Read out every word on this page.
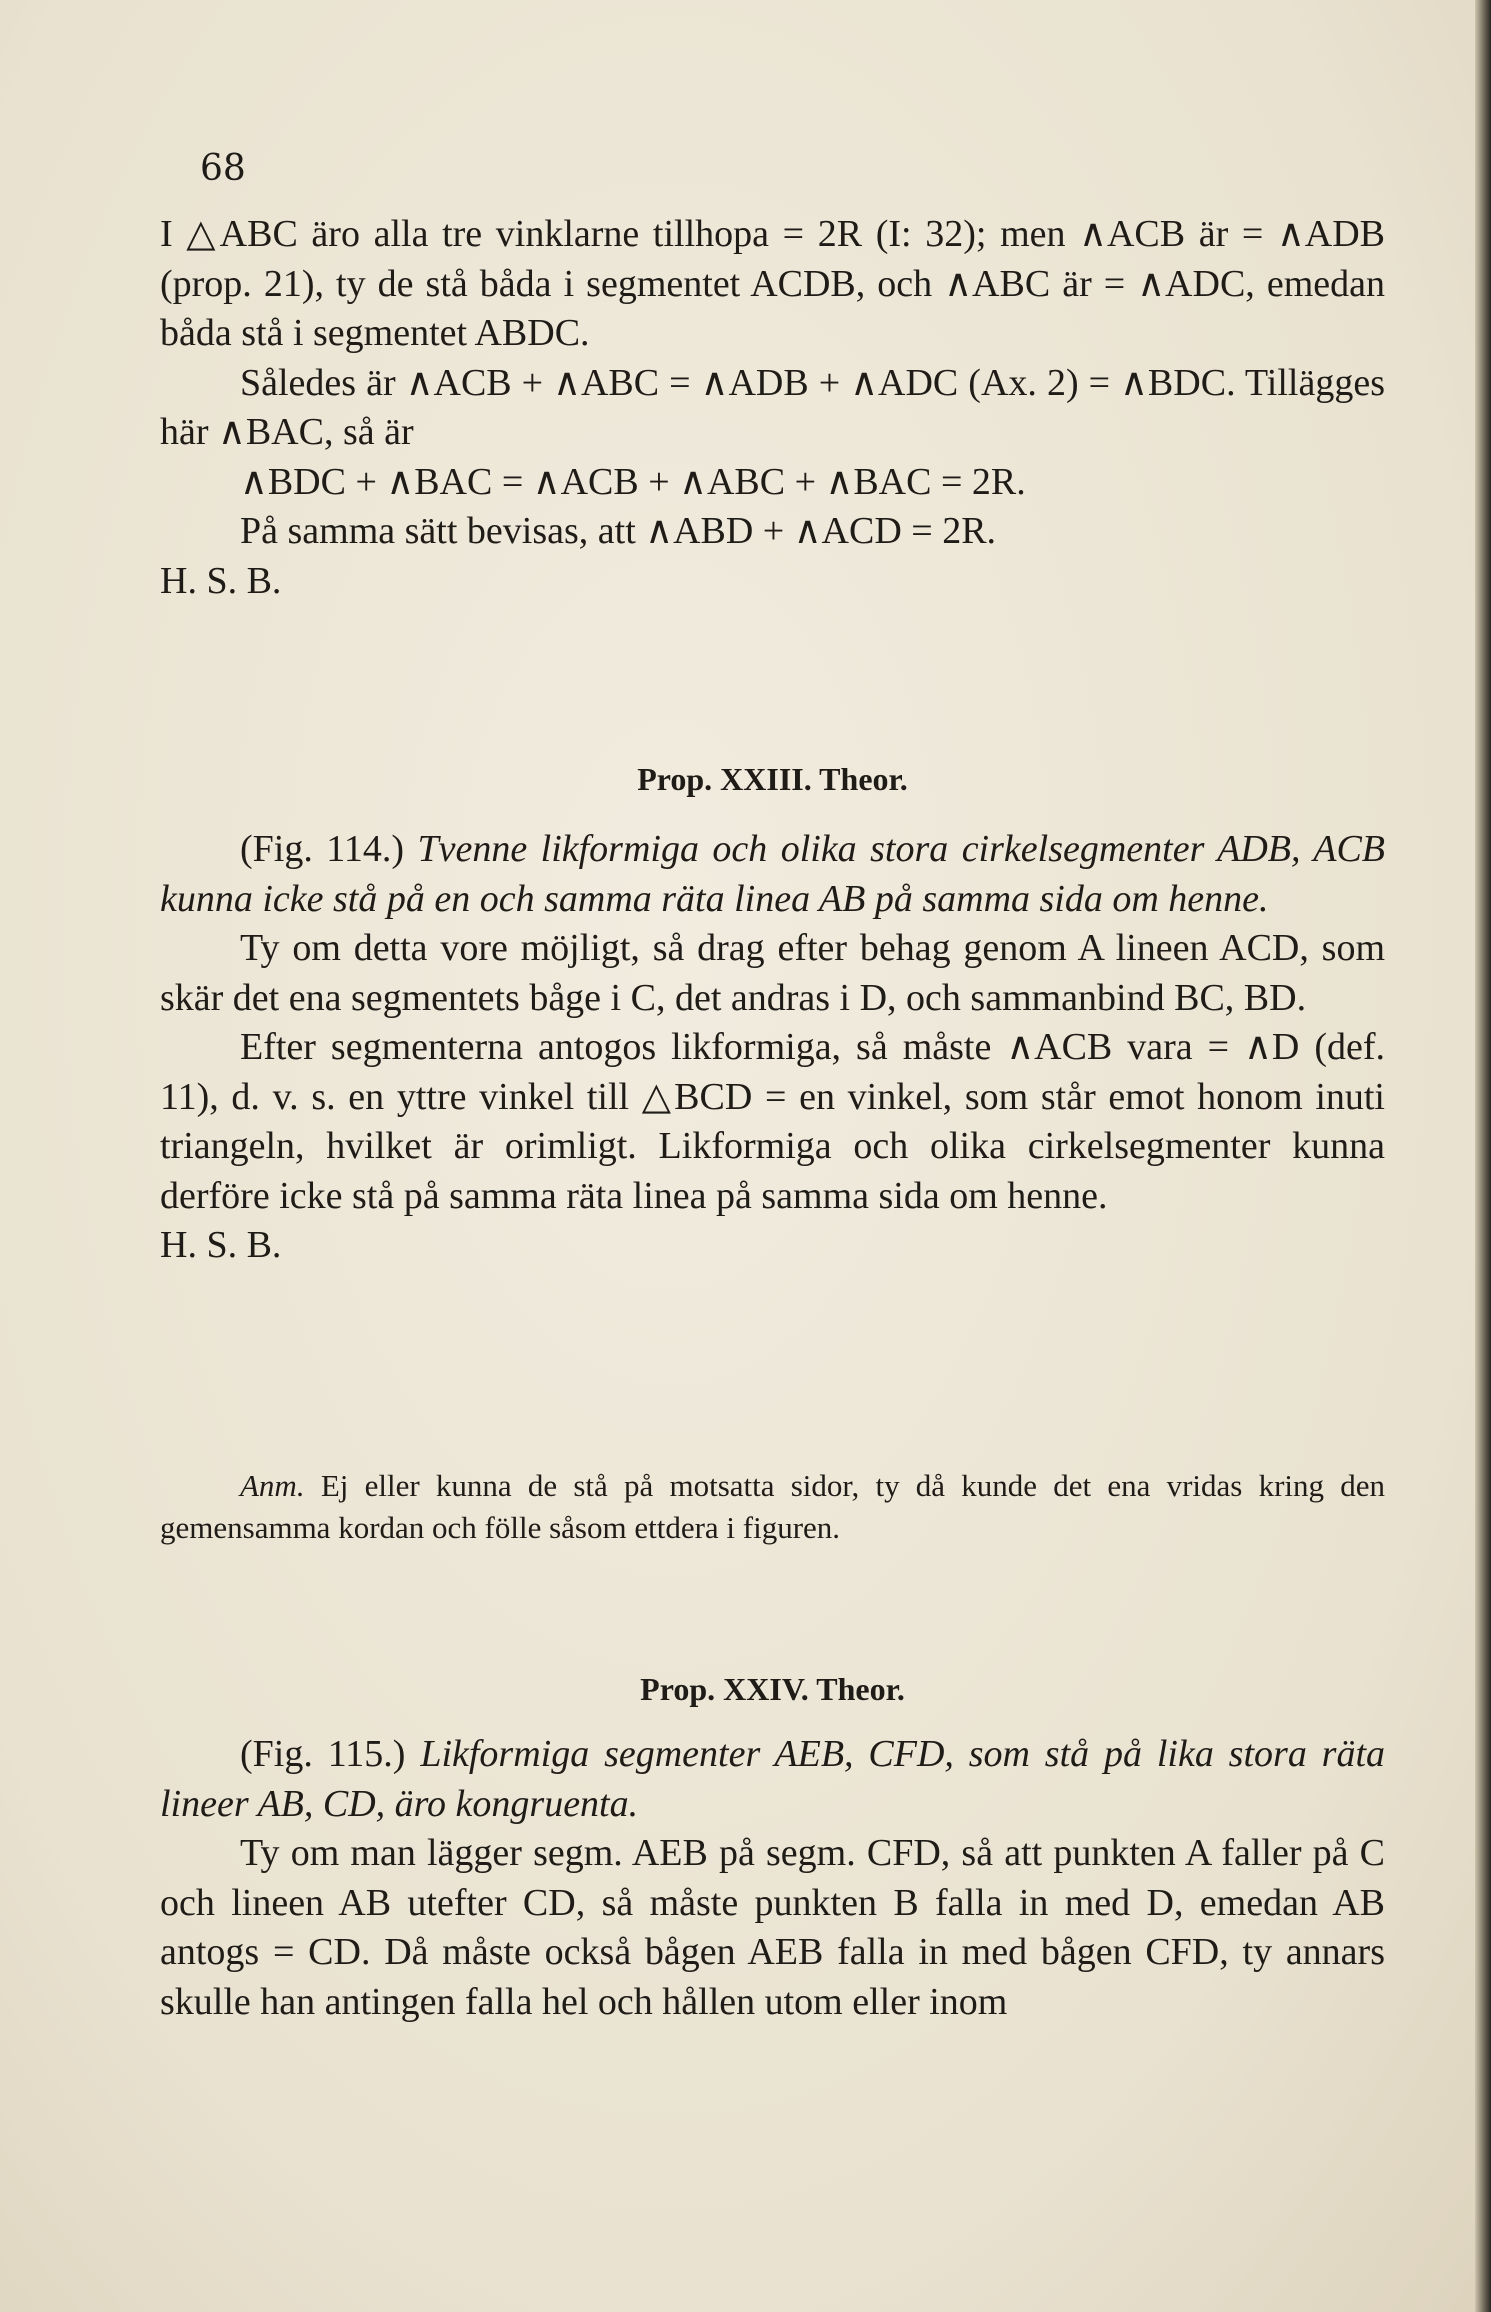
68

I △ABC äro alla tre vinklarne tillhopa = 2R (I: 32); men ∧ACB är = ∧ADB (prop. 21), ty de stå båda i segmentet ACDB, och ∧ABC är = ∧ADC, emedan båda stå i segmentet ABDC.

Således är ∧ACB + ∧ABC = ∧ADB + ∧ADC (Ax. 2) = ∧BDC. Tillägges här ∧BAC, så är

∧BDC + ∧BAC = ∧ACB + ∧ABC + ∧BAC = 2R.

På samma sätt bevisas, att ∧ABD + ∧ACD = 2R.

H. S. B.

Prop. XXIII. Theor.

(Fig. 114.) Tvenne likformiga och olika stora cirkelsegmenter ADB, ACB kunna icke stå på en och samma räta linea AB på samma sida om henne.

Ty om detta vore möjligt, så drag efter behag genom A lineen ACD, som skär det ena segmentets båge i C, det andras i D, och sammanbind BC, BD.

Efter segmenterna antogos likformiga, så måste ∧ACB vara = ∧D (def. 11), d. v. s. en yttre vinkel till △BCD = en vinkel, som står emot honom inuti triangeln, hvilket är orimligt. Likformiga och olika cirkelsegmenter kunna derföre icke stå på samma räta linea på samma sida om henne.

H. S. B.

Anm. Ej eller kunna de stå på motsatta sidor, ty då kunde det ena vridas kring den gemensamma kordan och fölle såsom ettdera i figuren.

Prop. XXIV. Theor.

(Fig. 115.) Likformiga segmenter AEB, CFD, som stå på lika stora räta lineer AB, CD, äro kongruenta.

Ty om man lägger segm. AEB på segm. CFD, så att punkten A faller på C och lineen AB utefter CD, så måste punkten B falla in med D, emedan AB antogs = CD. Då måste också bågen AEB falla in med bågen CFD, ty annars skulle han antingen falla hel och hållen utom eller inom
